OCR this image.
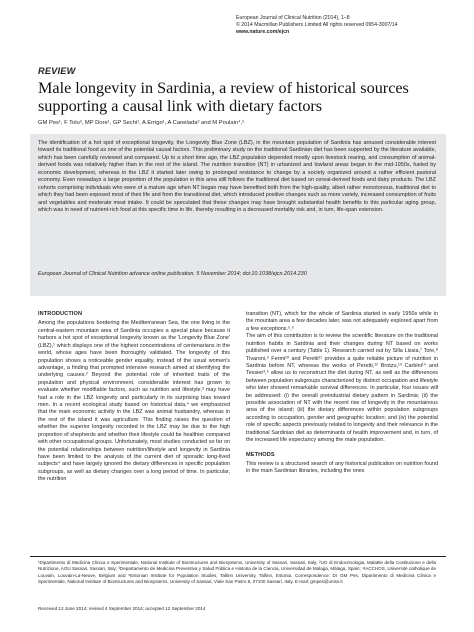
European Journal of Clinical Nutrition (2014), 1–8
© 2014 Macmillan Publishers Limited All rights reserved 0954-3007/14
www.nature.com/ejcn
REVIEW
Male longevity in Sardinia, a review of historical sources
supporting a causal link with dietary factors
GM Pes¹, F Tolu², MP Dore¹, GP Sechi¹, A Errigo¹, A Canelada³ and M Poulain⁴,⁵
The identification of a hot spot of exceptional longevity, the Longevity Blue Zone (LBZ), in the mountain population of Sardinia has aroused considerable interest toward its traditional food as one of the potential causal factors. This preliminary study on the traditional Sardinian diet has been supported by the literature available, which has been carefully reviewed and compared. Up to a short time ago, the LBZ population depended mostly upon livestock rearing, and consumption of animal-derived foods was relatively higher than in the rest of the island. The nutrition transition (NT) in urbanized and lowland areas began in the mid-1950s, fueled by economic development, whereas in the LBZ it started later owing to prolonged resistance to change by a society organized around a rather efficient pastoral economy. Even nowadays a large proportion of the population in this area still follows the traditional diet based on cereal-derived foods and dairy products. The LBZ cohorts comprising individuals who were of a mature age when NT began may have benefited both from the high-quality, albeit rather monotonous, traditional diet to which they had been exposed most of their life and from the transitional diet, which introduced positive changes such as more variety, increased consumption of fruits and vegetables and moderate meat intake. It could be speculated that these changes may have brought substantial health benefits to this particular aging group, which was in need of nutrient-rich food at this specific time in life, thereby resulting in a decreased mortality risk and, in turn, life-span extension.
European Journal of Clinical Nutrition advance online publication, 5 November 2014; doi:10.1038/ejcn.2014.230
INTRODUCTION

Among the populations bordering the Mediterranean Sea, the one living in the central-eastern mountain area of Sardinia occupies a special place because it harbors a hot spot of exceptional longevity known as the 'Longevity Blue Zone' (LBZ),¹ which displays one of the highest concentrations of centenarians in the world, whose ages have been thoroughly validated. The longevity of this population shows a noticeable gender equality, instead of the usual women's advantage, a finding that prompted intensive research aimed at identifying the underlying causes.² Beyond the potential role of inherited traits of the population and physical environment, considerable interest has grown to evaluate whether modifiable factors, such as nutrition and lifestyle,³ may have had a role in the LBZ longevity and particularly in its surprising bias toward men. In a recent ecological study based on historical data,⁴ we emphasized that the main economic activity in the LBZ was animal husbandry, whereas in the rest of the island it was agriculture. This finding raises the question of whether the superior longevity recorded in the LBZ may be due to the high proportion of shepherds and whether their lifestyle could be healthier compared with other occupational groups. Unfortunately, most studies conducted so far on the potential relationships between nutrition/lifestyle and longevity in Sardinia have been limited to the analysis of the current diet of sporadic long-lived subjects⁴ and have largely ignored the dietary differences in specific population subgroups, as well as dietary changes over a long period of time. In particular, the nutrition

transition (NT), which for the whole of Sardinia started in early 1950s while in the mountain area a few decades later, was not adequately explored apart from a few exceptions.⁵,⁶
The aim of this contribution is to review the scientific literature on the traditional nutrition habits in Sardinia and their changes during NT based on works published over a century (Table 1). Research carried out by Silla Lissia,⁷ Tore,⁸ Tivaroni,⁹ Fermi¹⁰ and Peretti¹¹ provides a quite reliable picture of nutrition in Sardinia before NT, whereas the works of Peretti,¹² Brotzu,¹³ Carbini¹⁴ and Tessier³,⁶ allow us to reconstruct the diet during NT, as well as the differences between population subgroups characterized by distinct occupation and lifestyle who later showed remarkable survival differences. In particular, four issues will be addressed: (i) the overall preindustrial dietary pattern in Sardinia; (ii) the possible association of NT with the recent rise of longevity in the mountainous area of the island; (iii) the dietary differences within population subgroups according to occupation, gender and geographic location; and (iv) the potential role of specific aspects previously related to longevity and their relevance in the traditional Sardinian diet as determinants of health improvement and, in turn, of the increased life expectancy among the male population.

METHODS

This review is a structured search of any historical publication on nutrition found in the main Sardinian libraries, including the ones

¹Dipartimento di Medicina Clinica e Sperimentale, National Institute of Biostructures and Biosystems, University of Sassari, Sassari, Italy; ²UO di Endocrinologia, Malattie della Costituzione e della Nutrizione, AOU Sassari, Sassari, Italy; ³Departamento de Medicina Preventiva y Salud Pública e Historia de la Ciencia, Universidad de Malaga, Málaga, Spain; ⁴IACCHOS, Université catholique de Louvain, Louvain-La-Neuve, Belgium and ⁵Estonian Institute for Population Studies, Tallinn University, Tallinn, Estonia. Correspondence: Dr GM Pes, Dipartimento di Medicina Clinica e Sperimentale, National Institute of Biostructures and Biosystems, University of Sassari, Viale San Pietro 8, 07100 Sassari, Italy. E-mail: gmpes@uniss.it
Received 12 June 2014; revised 4 September 2014; accepted 12 September 2014
